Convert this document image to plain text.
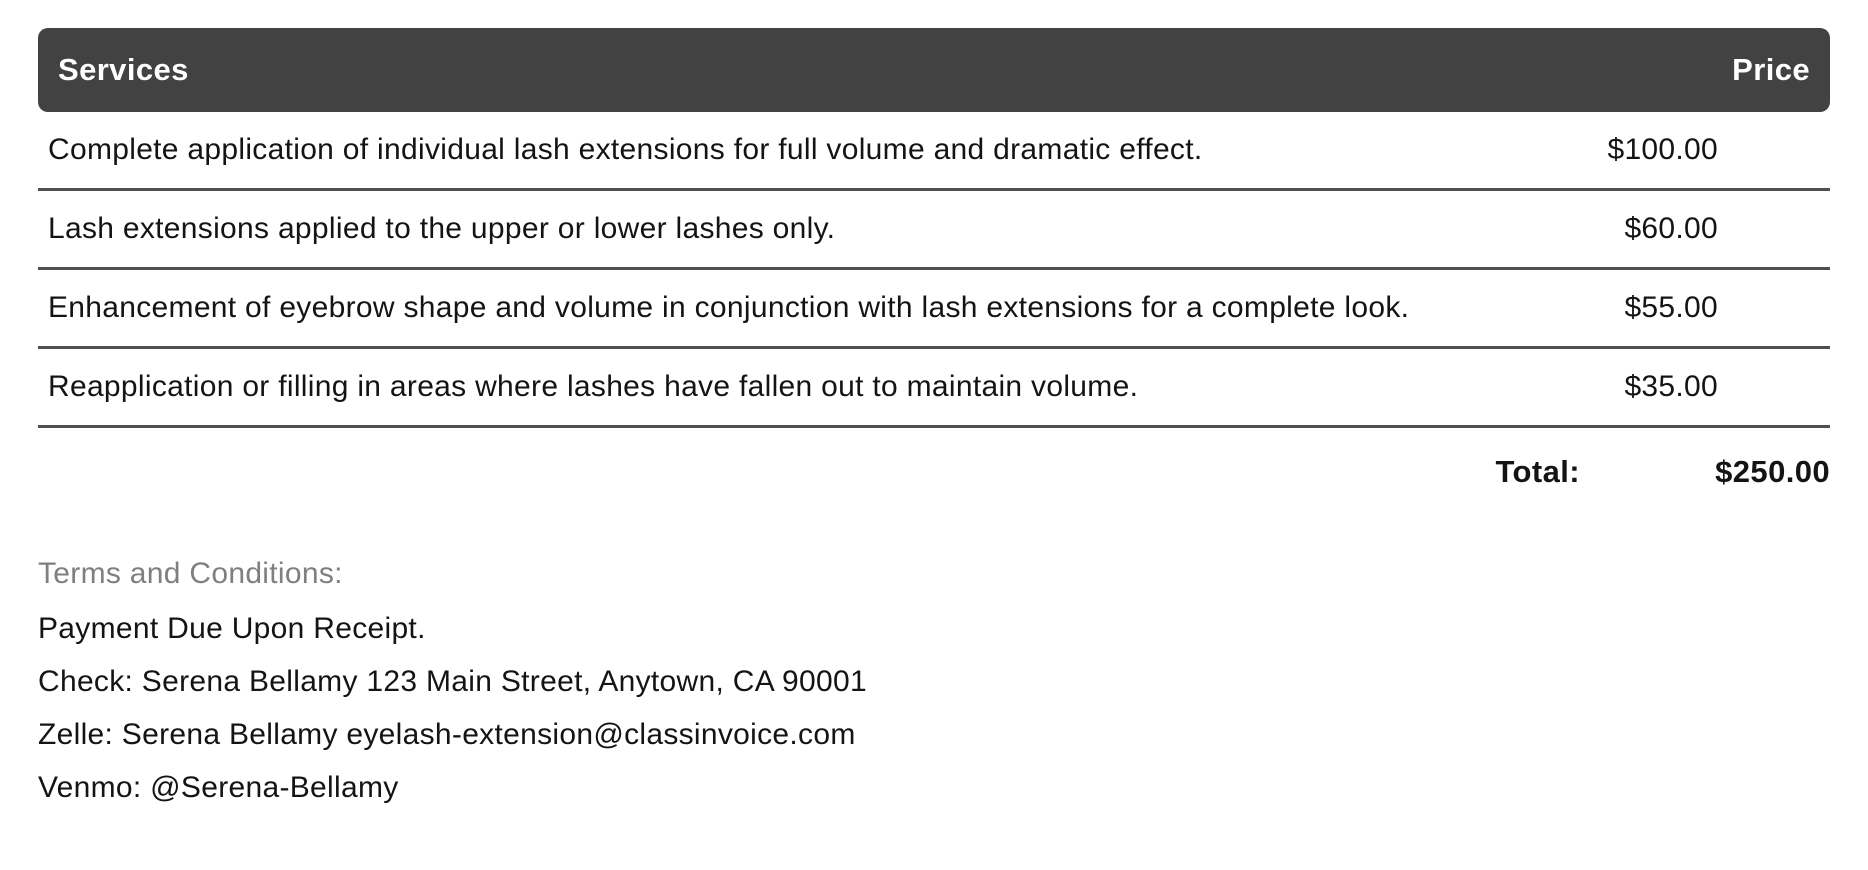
Services	Price
Complete application of individual lash extensions for full volume and dramatic effect.	$100.00
Lash extensions applied to the upper or lower lashes only.	$60.00
Enhancement of eyebrow shape and volume in conjunction with lash extensions for a complete look.	$55.00
Reapplication or filling in areas where lashes have fallen out to maintain volume.	$35.00
Total:	$250.00
Terms and Conditions:
Payment Due Upon Receipt.
Check: Serena Bellamy 123 Main Street, Anytown, CA 90001
Zelle: Serena Bellamy eyelash-extension@classinvoice.com
Venmo: @Serena-Bellamy
